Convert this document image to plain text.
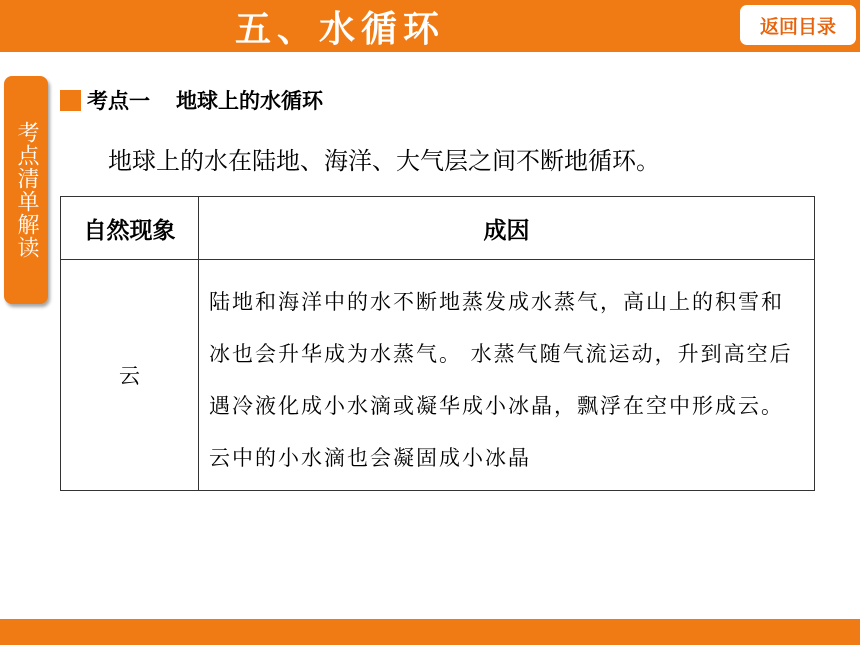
五、水循环	返回目录
考点清单解读
考点一 地球上的水循环
地球上的水在陆地、海洋、大气层之间不断地循环。
自然现象	成因
云	陆地和海洋中的水不断地蒸发成水蒸气，高山上的积雪和冰也会升华成为水蒸气。 水蒸气随气流运动，升到高空后遇冷液化成小水滴或凝华成小冰晶，飘浮在空中形成云。 云中的小水滴也会凝固成小冰晶
